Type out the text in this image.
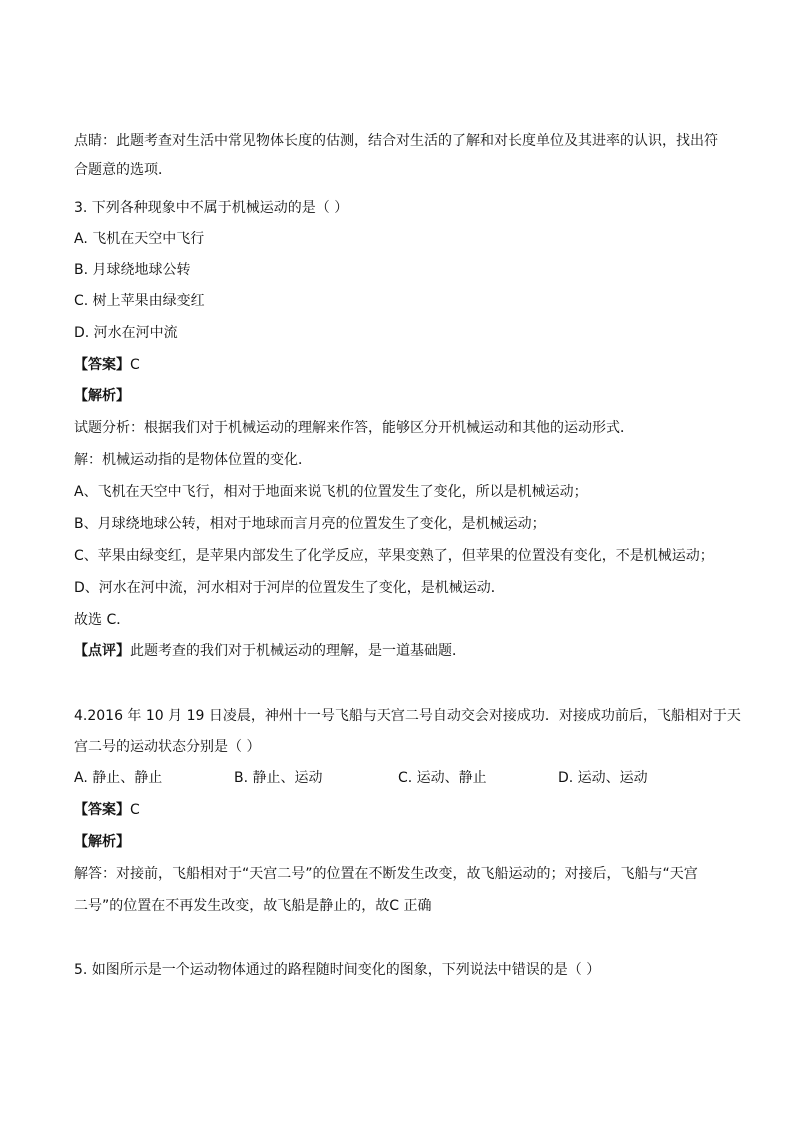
点睛：此题考查对生活中常见物体长度的估测，结合对生活的了解和对长度单位及其进率的认识，找出符
合题意的选项．
3. 下列各种现象中不属于机械运动的是（ ）
A. 飞机在天空中飞行
B. 月球绕地球公转
C. 树上苹果由绿变红
D. 河水在河中流
【答案】C
【解析】
试题分析：根据我们对于机械运动的理解来作答，能够区分开机械运动和其他的运动形式．
解：机械运动指的是物体位置的变化．
A、飞机在天空中飞行，相对于地面来说飞机的位置发生了变化，所以是机械运动；
B、月球绕地球公转，相对于地球而言月亮的位置发生了变化，是机械运动；
C、苹果由绿变红，是苹果内部发生了化学反应，苹果变熟了，但苹果的位置没有变化，不是机械运动；
D、河水在河中流，河水相对于河岸的位置发生了变化，是机械运动．
故选 C．
【点评】此题考查的我们对于机械运动的理解，是一道基础题．
4.2016 年 10 月 19 日凌晨，神州十一号飞船与天宫二号自动交会对接成功．对接成功前后，飞船相对于天
宫二号的运动状态分别是（ ）
A. 静止、静止	B. 静止、运动	C. 运动、静止	D. 运动、运动
【答案】C
【解析】
解答：对接前，飞船相对于“天宫二号”的位置在不断发生改变，故飞船运动的；对接后，飞船与“天宫
二号”的位置在不再发生改变，故飞船是静止的，故C 正确
5. 如图所示是一个运动物体通过的路程随时间变化的图象，下列说法中错误的是（ ）
